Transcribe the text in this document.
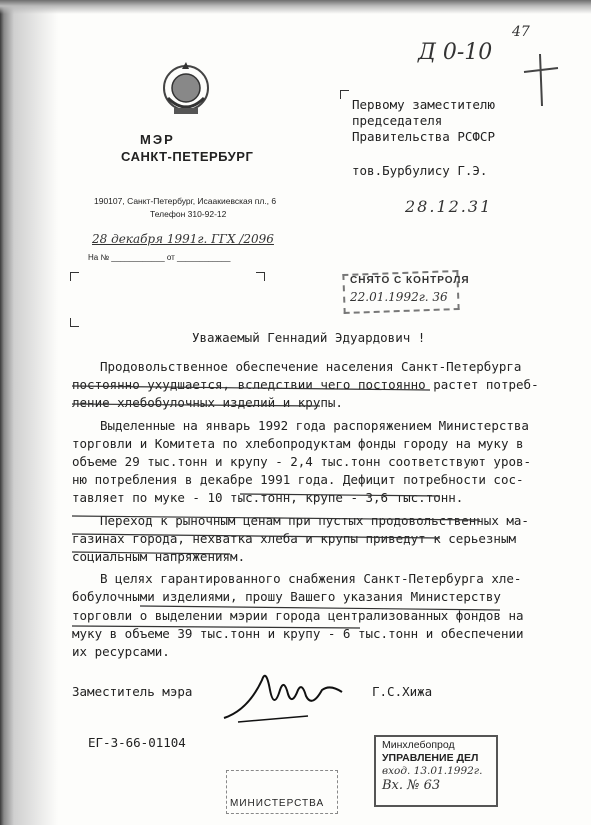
МЭР
САНКТ-ПЕТЕРБУРГ
190107, Санкт-Петербург, Исаакиевская пл., 6
Телефон 310-92-12
28 декабря 1991г. ГГХ /2096
На № ____________ от ____________
Д 0-10
47
Первому заместителю
председателя
Правительства РСФСР
тов.Бурбулису Г.Э.
28.12.31
СНЯТО С КОНТРОЛЯ
22.01.1992г. 36
Уважаемый Геннадий Эдуардович !

Продовольственное обеспечение населения Санкт-Петербурга
постоянно ухудшается, вследствии чего постоянно растет потреб-
ление хлебобулочных изделий и крупы.

Выделенные на январь 1992 года распоряжением Министерства
торговли и Комитета по хлебопродуктам фонды городу на муку в
объеме 29 тыс.тонн и крупу - 2,4 тыс.тонн соответствуют уров-
ню потребления в декабре 1991 года. Дефицит потребности сос-
тавляет по муке - 10 тыс.тонн, крупе - 3,6 тыс.тонн.

Переход к рыночным ценам при пустых продовольственных ма-
газинах города, нехватка хлеба и крупы приведут к серьезным
социальным напряжениям.

В целях гарантированного снабжения Санкт-Петербурга хле-
бобулочными изделиями, прошу Вашего указания Министерству
торговли о выделении мэрии города централизованных фондов на
муку в объеме 39 тыс.тонн и крупу - 6 тыс.тонн и обеспечении
их ресурсами.

Заместитель мэра	Г.С.Хижа
ЕГ-3-66-01104	Минхлебопрод
УПРАВЛЕНИЕ ДЕЛ
вход. 13.01.1992г.
Вх. № 63
МИНИСТЕРСТВА
